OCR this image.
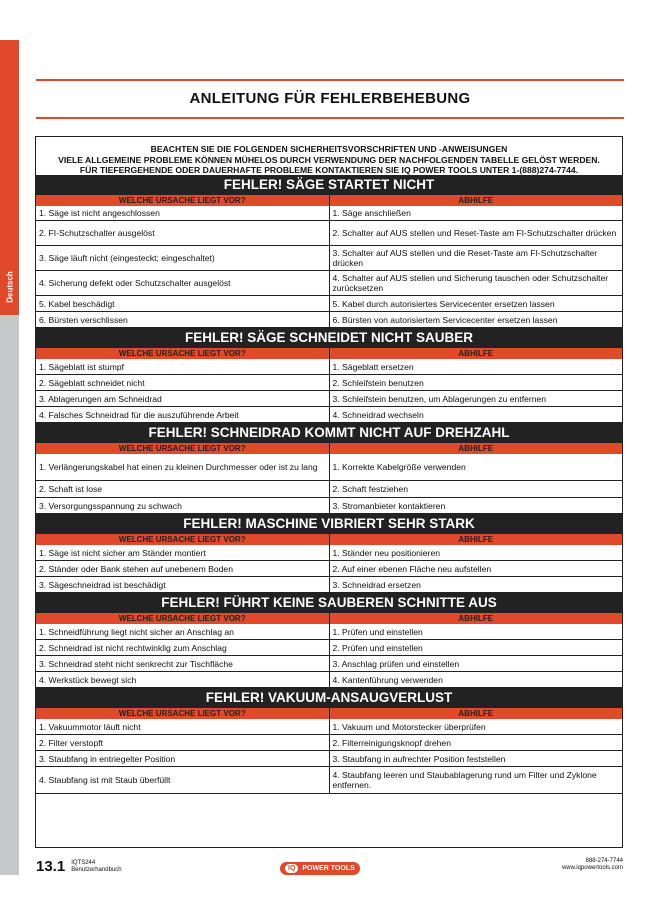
Deutsch
ANLEITUNG FÜR FEHLERBEHEBUNG
BEACHTEN SIE DIE FOLGENDEN SICHERHEITSVORSCHRIFTEN UND -ANWEISUNGEN
VIELE ALLGEMEINE PROBLEME KÖNNEN MÜHELOS DURCH VERWENDUNG DER NACHFOLGENDEN TABELLE GELÖST WERDEN.
FÜR TIEFERGEHENDE ODER DAUERHAFTE PROBLEME KONTAKTIEREN SIE IQ POWER TOOLS UNTER 1-(888)274-7744.
FEHLER! SÄGE STARTET NICHT
WELCHE URSACHE LIEGT VOR?	ABHILFE
1. Säge ist nicht angeschlossen	1. Säge anschließen
2. FI-Schutzschalter ausgelöst	2. Schalter auf AUS stellen und Reset-Taste am FI-Schutzschalter drücken
3. Säge läuft nicht (eingesteckt; eingeschaltet)	3. Schalter auf AUS stellen und die Reset-Taste am FI-Schutzschalter drücken
4. Sicherung defekt oder Schutzschalter ausgelöst	4. Schalter auf AUS stellen und Sicherung tauschen oder Schutzschalter zurücksetzen
5. Kabel beschädigt	5. Kabel durch autorisiertes Servicecenter ersetzen lassen
6. Bürsten verschlissen	6. Bürsten von autorisiertem Servicecenter ersetzen lassen
FEHLER! SÄGE SCHNEIDET NICHT SAUBER
WELCHE URSACHE LIEGT VOR?	ABHILFE
1. Sägeblatt ist stumpf	1. Sägeblatt ersetzen
2. Sägeblatt schneidet nicht	2. Schleifstein benutzen
3. Ablagerungen am Schneidrad	3. Schleifstein benutzen, um Ablagerungen zu entfernen
4. Falsches Schneidrad für die auszuführende Arbeit	4. Schneidrad wechseln
FEHLER! SCHNEIDRAD KOMMT NICHT AUF DREHZAHL
WELCHE URSACHE LIEGT VOR?	ABHILFE
1. Verlängerungskabel hat einen zu kleinen Durchmesser oder ist zu lang	1. Korrekte Kabelgröße verwenden
2. Schaft ist lose	2. Schaft festziehen
3. Versorgungsspannung zu schwach	3. Stromanbieter kontaktieren
FEHLER! MASCHINE VIBRIERT SEHR STARK
WELCHE URSACHE LIEGT VOR?	ABHILFE
1. Säge ist nicht sicher am Ständer montiert	1. Ständer neu positionieren
2. Ständer oder Bank stehen auf unebenem Boden	2. Auf einer ebenen Fläche neu aufstellen
3. Sägeschneidrad ist beschädigt	3. Schneidrad ersetzen
FEHLER! FÜHRT KEINE SAUBEREN SCHNITTE AUS
WELCHE URSACHE LIEGT VOR?	ABHILFE
1. Schneidführung liegt nicht sicher an Anschlag an	1. Prüfen und einstellen
2. Schneidrad ist nicht rechtwinklig zum Anschlag	2. Prüfen und einstellen
3. Schneidrad steht nicht senkrecht zur Tischfläche	3. Anschlag prüfen und einstellen
4. Werkstück bewegt sich	4. Kantenführung verwenden
FEHLER! VAKUUM-ANSAUGVERLUST
WELCHE URSACHE LIEGT VOR?	ABHILFE
1. Vakuummotor läuft nicht	1. Vakuum und Motorstecker überprüfen
2. Filter verstopft	2. Filterreinigungsknopf drehen
3. Staubfang in entriegelter Position	3. Staubfang in aufrechter Position feststellen
4. Staubfang ist mit Staub überfüllt	4. Staubfang leeren und Staubablagerung rund um Filter und Zyklone entfernen.
13.1 IQTS244
Benutzerhandbuch	IQ	POWER TOOLS
888-274-7744
www.iqpowertools.com
